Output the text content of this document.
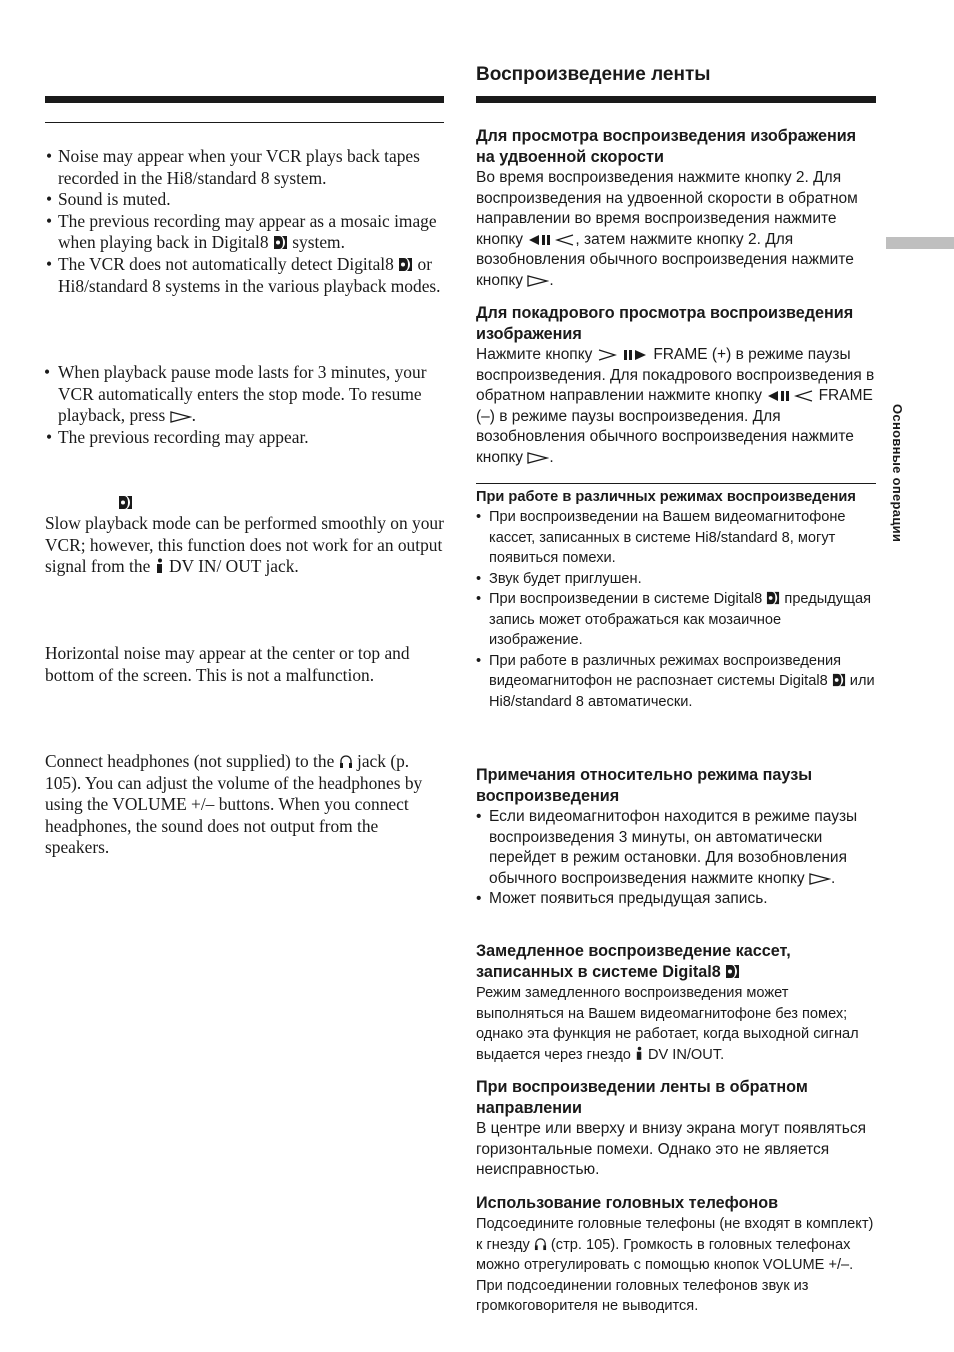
• Noise may appear when your VCR plays back tapes recorded in the Hi8/standard 8 system.
• Sound is muted.
• The previous recording may appear as a mosaic image when playing back in Digital8  system.
• The VCR does not automatically detect Digital8  or Hi8/standard 8 systems in the various playback modes.
• When playback pause mode lasts for 3 minutes, your VCR automatically enters the stop mode. To resume playback, press .
• The previous recording may appear.
Slow playback mode can be performed smoothly on your VCR; however, this function does not work for an output signal from the  DV IN/ OUT jack.
Horizontal noise may appear at the center or top and bottom of the screen. This is not a malfunction.
Connect headphones (not supplied) to the  jack (p. 105). You can adjust the volume of the headphones by using the VOLUME +/– buttons. When you connect headphones, the sound does not output from the speakers.
Воспроизведение ленты
Для просмотра воспроизведения изображения на удвоенной скорости
Во время воспроизведения нажмите кнопку 2. Для воспроизведения на удвоенной скорости в обратном направлении во время воспроизведения нажмите кнопку	, затем нажмите кнопку 2. Для возобновления обычного воспроизведения нажмите кнопку .
Для покадрового просмотра воспроизведения изображения
Нажмите кнопку	FRAME (+) в режиме паузы воспроизведения. Для покадрового воспроизведения в обратном направлении нажмите кнопку	FRAME (–) в режиме паузы воспроизведения. Для возобновления обычного воспроизведения нажмите кнопку .
При работе в различных режимах воспроизведения
• При воспроизведении на Вашем видеомагнитофоне кассет, записанных в системе Hi8/standard 8, могут появиться помехи.
• Звук будет приглушен.
• При воспроизведении в системе Digital8  предыдущая запись может отображаться как мозаичное изображение.
• При работе в различных режимах воспроизведения видеомагнитофон не распознает системы Digital8  или Hi8/standard 8 автоматически.
Примечания относительно режима паузы воспроизведения
• Если видеомагнитофон находится в режиме паузы воспроизведения 3 минуты, он автоматически перейдет в режим остановки. Для возобновления обычного воспроизведения нажмите кнопку .
• Может появиться предыдущая запись.
Замедленное воспроизведение кассет, записанных в системе Digital8
Режим замедленного воспроизведения может выполняться на Вашем видеомагнитофоне без помех; однако эта функция не работает, когда выходной сигнал выдается через гнездо  DV IN/OUT.
При воспроизведении ленты в обратном направлении
В центре или вверху и внизу экрана могут появляться горизонтальные помехи. Однако это не является неисправностью.
Использование головных телефонов
Подсоедините головные телефоны (не входят в комплект) к гнезду  (стр. 105). Громкость в головных телефонах можно отрегулировать с помощью кнопок VOLUME +/–. При подсоединении головных телефонов звук из громкоговорителя не выводится.
Основные операции
